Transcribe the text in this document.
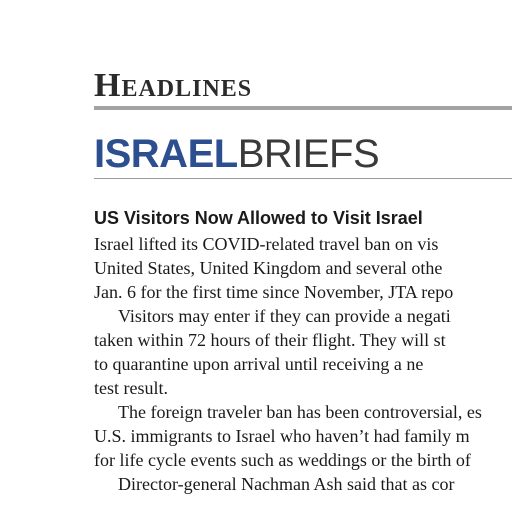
Headlines
ISRAELBRIEFS
US Visitors Now Allowed to Visit Israel
Israel lifted its COVID-related travel ban on vis
United States, United Kingdom and several othe
Jan. 6 for the first time since November, JTA repo
Visitors may enter if they can provide a negati
taken within 72 hours of their flight. They will st
to quarantine upon arrival until receiving a ne
test result.
The foreign traveler ban has been controversial, es
U.S. immigrants to Israel who haven’t had family m
for life cycle events such as weddings or the birth of
Director-general Nachman Ash said that as cor
